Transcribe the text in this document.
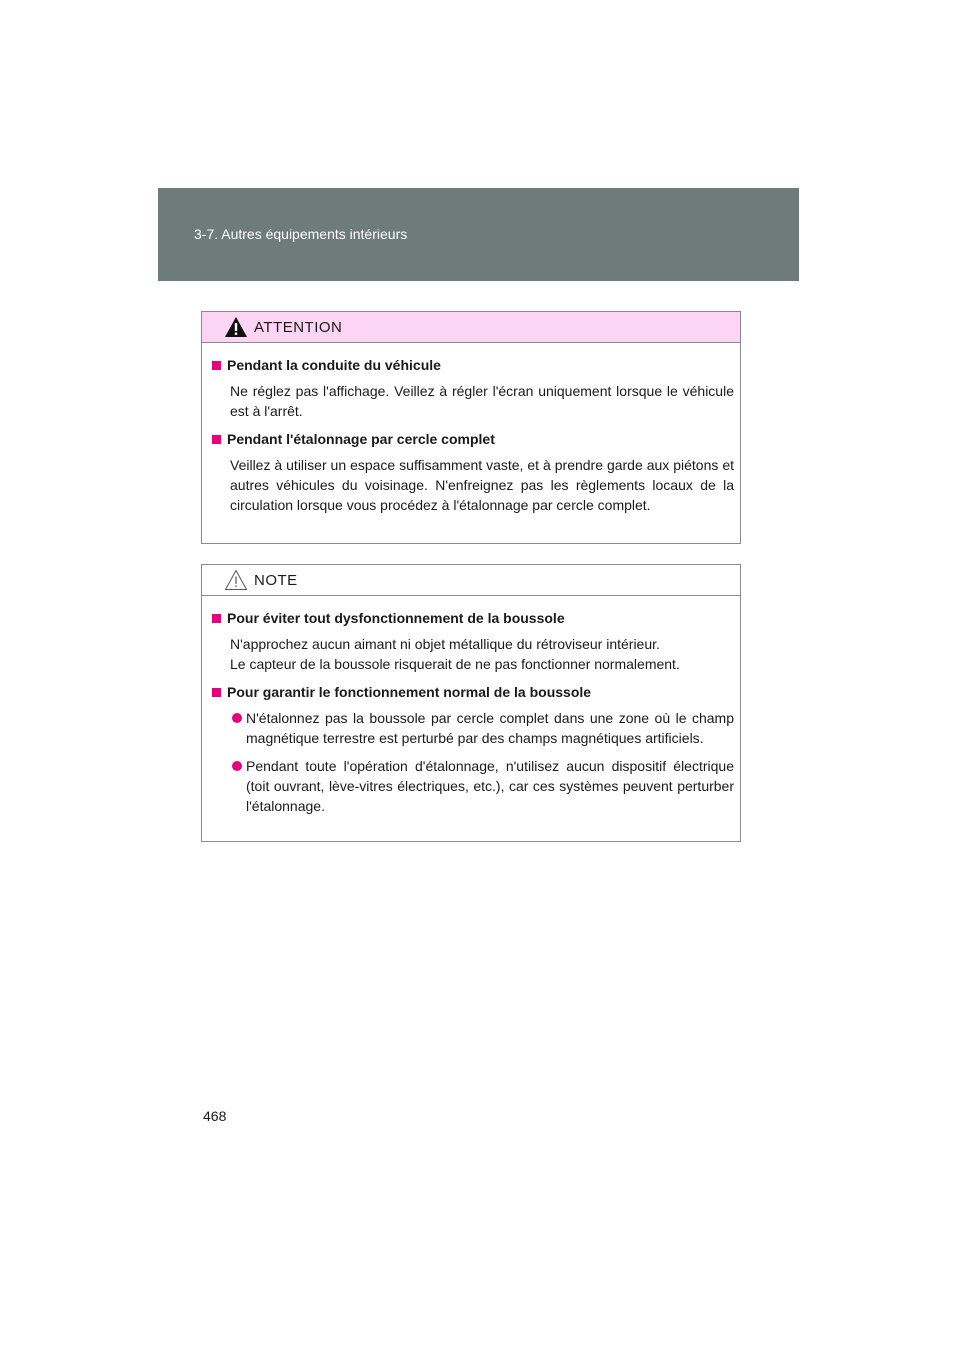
3-7. Autres équipements intérieurs
ATTENTION
Pendant la conduite du véhicule
Ne réglez pas l'affichage. Veillez à régler l'écran uniquement lorsque le véhicule est à l'arrêt.
Pendant l'étalonnage par cercle complet
Veillez à utiliser un espace suffisamment vaste, et à prendre garde aux piétons et autres véhicules du voisinage. N'enfreignez pas les règlements locaux de la circulation lorsque vous procédez à l'étalonnage par cercle complet.
NOTE
Pour éviter tout dysfonctionnement de la boussole
N'approchez aucun aimant ni objet métallique du rétroviseur intérieur.
Le capteur de la boussole risquerait de ne pas fonctionner normalement.
Pour garantir le fonctionnement normal de la boussole
N'étalonnez pas la boussole par cercle complet dans une zone où le champ magnétique terrestre est perturbé par des champs magnétiques artificiels.
Pendant toute l'opération d'étalonnage, n'utilisez aucun dispositif électrique (toit ouvrant, lève-vitres électriques, etc.), car ces systèmes peuvent perturber l'étalonnage.
468
